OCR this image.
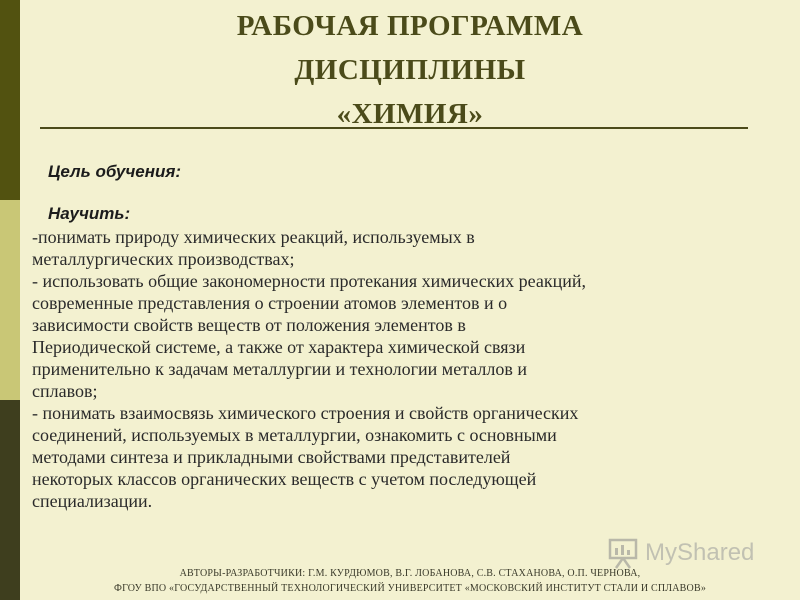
РАБОЧАЯ ПРОГРАММА
ДИСЦИПЛИНЫ
«ХИМИЯ»
Цель обучения:
Научить:
-понимать природу химических реакций, используемых в
металлургических производствах;
- использовать общие закономерности протекания химических реакций,
современные представления о строении атомов элементов и о
зависимости свойств веществ от положения элементов в
Периодической системе, а также от характера химической связи
применительно к задачам металлургии и технологии металлов и
сплавов;
- понимать взаимосвязь химического строения и свойств органических
соединений, используемых в металлургии, ознакомить с основными
методами синтеза и прикладными свойствами представителей
некоторых классов органических веществ с учетом последующей
специализации.
MyShared
АВТОРЫ-РАЗРАБОТЧИКИ: Г.М. КУРДЮМОВ, В.Г. ЛОБАНОВА, С.В. СТАХАНОВА, О.П. ЧЕРНОВА,
ФГОУ ВПО «ГОСУДАРСТВЕННЫЙ ТЕХНОЛОГИЧЕСКИЙ УНИВЕРСИТЕТ «МОСКОВСКИЙ ИНСТИТУТ СТАЛИ И СПЛАВОВ»
